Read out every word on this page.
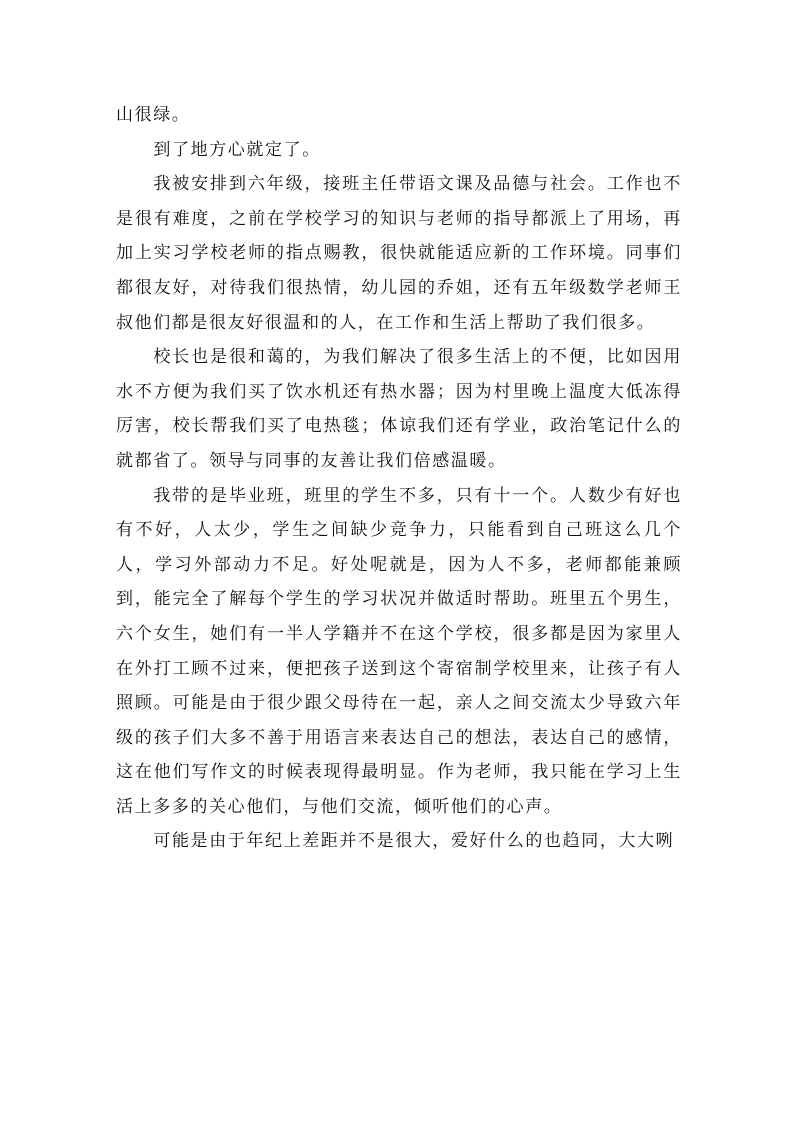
山很绿。

到了地方心就定了。

我被安排到六年级，接班主任带语文课及品德与社会。工作也不是很有难度，之前在学校学习的知识与老师的指导都派上了用场，再加上实习学校老师的指点赐教，很快就能适应新的工作环境。同事们都很友好，对待我们很热情，幼儿园的乔姐，还有五年级数学老师王叔他们都是很友好很温和的人，在工作和生活上帮助了我们很多。

校长也是很和蔼的，为我们解决了很多生活上的不便，比如因用水不方便为我们买了饮水机还有热水器；因为村里晚上温度大低冻得厉害，校长帮我们买了电热毯；体谅我们还有学业，政治笔记什么的就都省了。领导与同事的友善让我们倍感温暖。

我带的是毕业班，班里的学生不多，只有十一个。人数少有好也有不好，人太少，学生之间缺少竞争力，只能看到自己班这么几个人，学习外部动力不足。好处呢就是，因为人不多，老师都能兼顾到，能完全了解每个学生的学习状况并做适时帮助。班里五个男生，六个女生，她们有一半人学籍并不在这个学校，很多都是因为家里人在外打工顾不过来，便把孩子送到这个寄宿制学校里来，让孩子有人照顾。可能是由于很少跟父母待在一起，亲人之间交流太少导致六年级的孩子们大多不善于用语言来表达自己的想法，表达自己的感情，这在他们写作文的时候表现得最明显。作为老师，我只能在学习上生活上多多的关心他们，与他们交流，倾听他们的心声。

可能是由于年纪上差距并不是很大，爱好什么的也趋同，大大咧
